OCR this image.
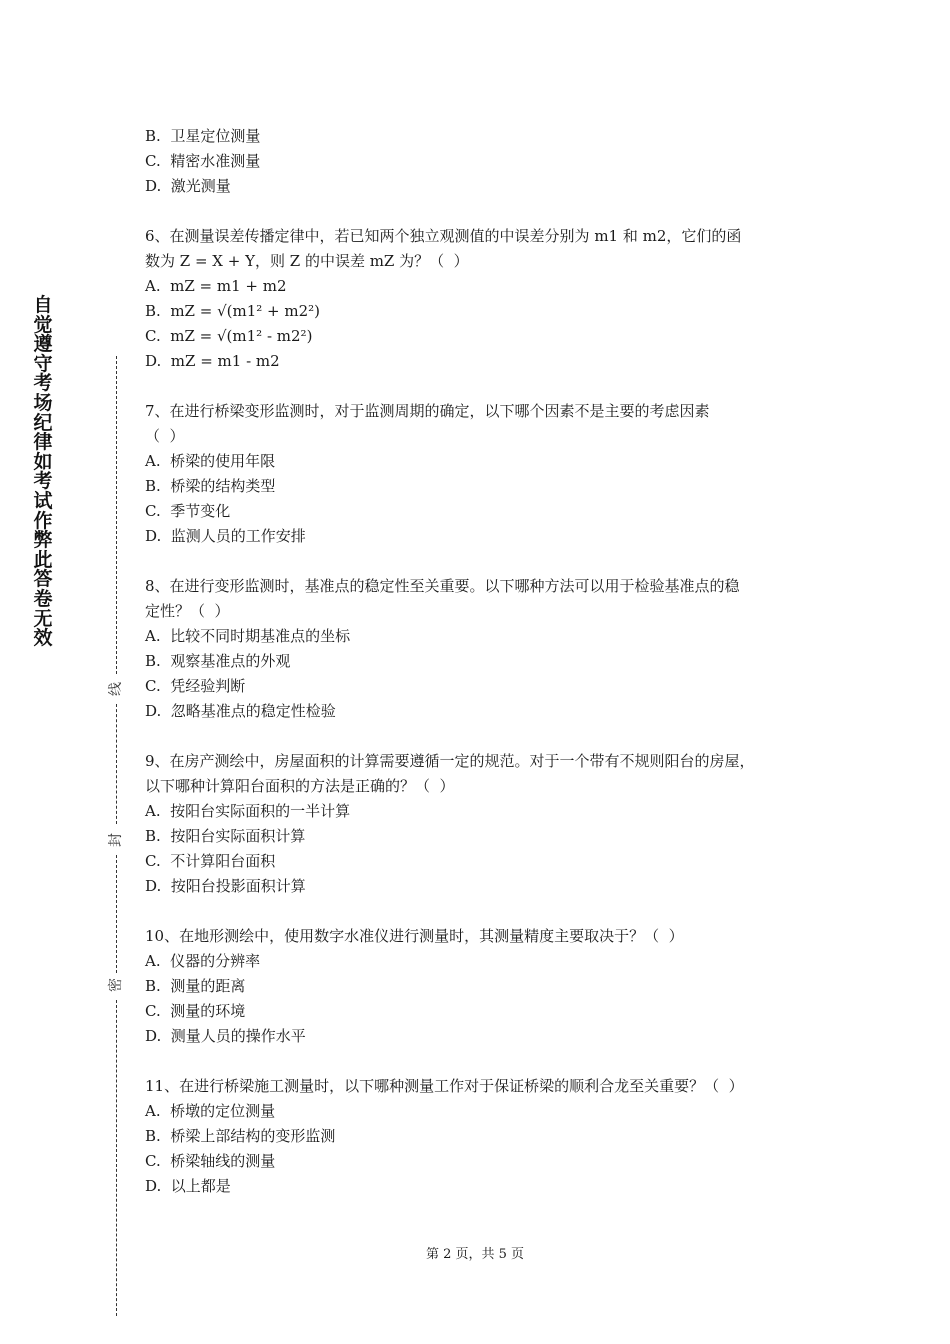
自觉遵守考场纪律如考试作弊此答卷无效
线
封
密
B.  卫星定位测量
C.  精密水准测量
D.  激光测量
6、在测量误差传播定律中，若已知两个独立观测值的中误差分别为 m1 和 m2，它们的函
数为 Z = X + Y，则 Z 的中误差 mZ 为？（  ）
A.  mZ = m1 + m2
B.  mZ = √(m1² + m2²)
C.  mZ = √(m1² - m2²)
D.  mZ = m1 - m2
7、在进行桥梁变形监测时，对于监测周期的确定，以下哪个因素不是主要的考虑因素
（  ）
A.  桥梁的使用年限
B.  桥梁的结构类型
C.  季节变化
D.  监测人员的工作安排
8、在进行变形监测时，基准点的稳定性至关重要。以下哪种方法可以用于检验基准点的稳
定性？（  ）
A.  比较不同时期基准点的坐标
B.  观察基准点的外观
C.  凭经验判断
D.  忽略基准点的稳定性检验
9、在房产测绘中，房屋面积的计算需要遵循一定的规范。对于一个带有不规则阳台的房屋，
以下哪种计算阳台面积的方法是正确的？（  ）
A.  按阳台实际面积的一半计算
B.  按阳台实际面积计算
C.  不计算阳台面积
D.  按阳台投影面积计算
10、在地形测绘中，使用数字水准仪进行测量时，其测量精度主要取决于？（  ）
A.  仪器的分辨率
B.  测量的距离
C.  测量的环境
D.  测量人员的操作水平
11、在进行桥梁施工测量时，以下哪种测量工作对于保证桥梁的顺利合龙至关重要？（  ）
A.  桥墩的定位测量
B.  桥梁上部结构的变形监测
C.  桥梁轴线的测量
D.  以上都是
第 2 页，共 5 页
